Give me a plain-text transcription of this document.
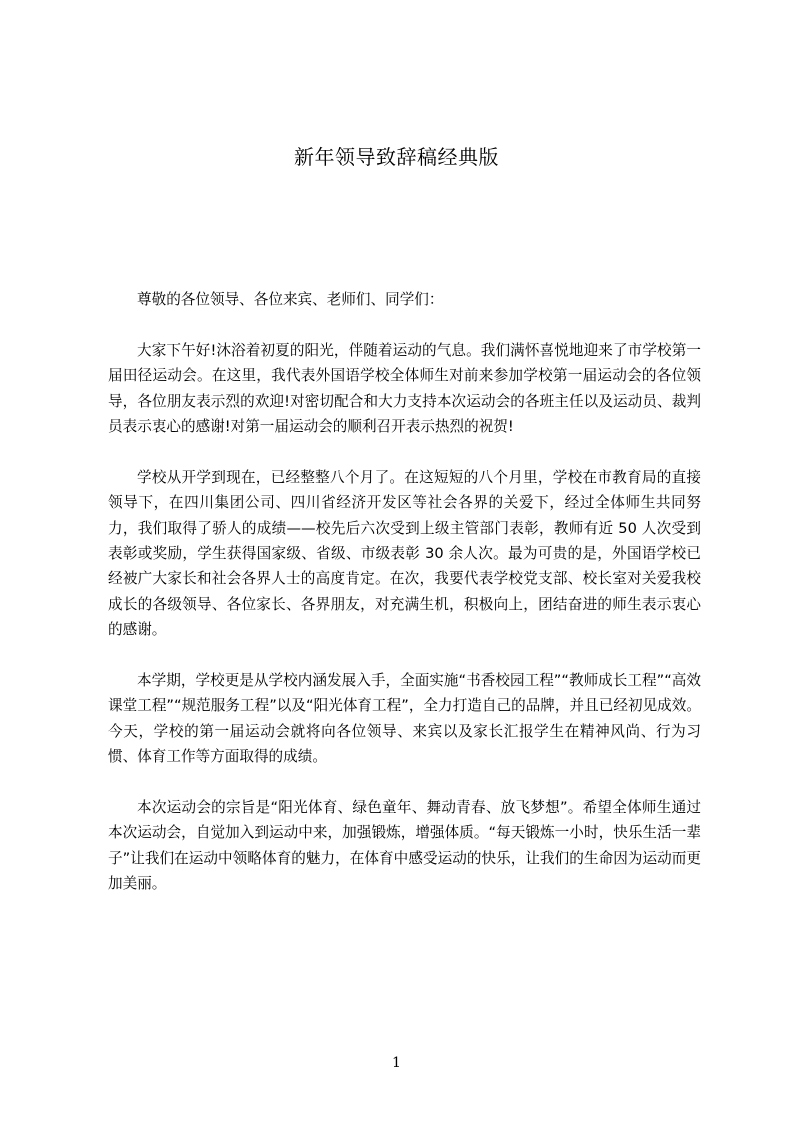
新年领导致辞稿经典版

尊敬的各位领导、各位来宾、老师们、同学们：

大家下午好!沐浴着初夏的阳光，伴随着运动的气息。我们满怀喜悦地迎来了市学校第一届田径运动会。在这里，我代表外国语学校全体师生对前来参加学校第一届运动会的各位领导，各位朋友表示烈的欢迎!对密切配合和大力支持本次运动会的各班主任以及运动员、裁判员表示衷心的感谢!对第一届运动会的顺利召开表示热烈的祝贺!

学校从开学到现在，已经整整八个月了。在这短短的八个月里，学校在市教育局的直接领导下，在四川集团公司、四川省经济开发区等社会各界的关爱下，经过全体师生共同努力，我们取得了骄人的成绩——校先后六次受到上级主管部门表彰，教师有近 50 人次受到表彰或奖励，学生获得国家级、省级、市级表彰 30 余人次。最为可贵的是，外国语学校已经被广大家长和社会各界人士的高度肯定。在次，我要代表学校党支部、校长室对关爱我校成长的各级领导、各位家长、各界朋友，对充满生机，积极向上，团结奋进的师生表示衷心的感谢。

本学期，学校更是从学校内涵发展入手，全面实施“书香校园工程”“教师成长工程”“高效课堂工程”“规范服务工程”以及“阳光体育工程”，全力打造自己的品牌，并且已经初见成效。今天，学校的第一届运动会就将向各位领导、来宾以及家长汇报学生在精神风尚、行为习惯、体育工作等方面取得的成绩。

本次运动会的宗旨是“阳光体育、绿色童年、舞动青春、放飞梦想”。希望全体师生通过本次运动会，自觉加入到运动中来，加强锻炼，增强体质。“每天锻炼一小时，快乐生活一辈子”让我们在运动中领略体育的魅力，在体育中感受运动的快乐，让我们的生命因为运动而更加美丽。

1
